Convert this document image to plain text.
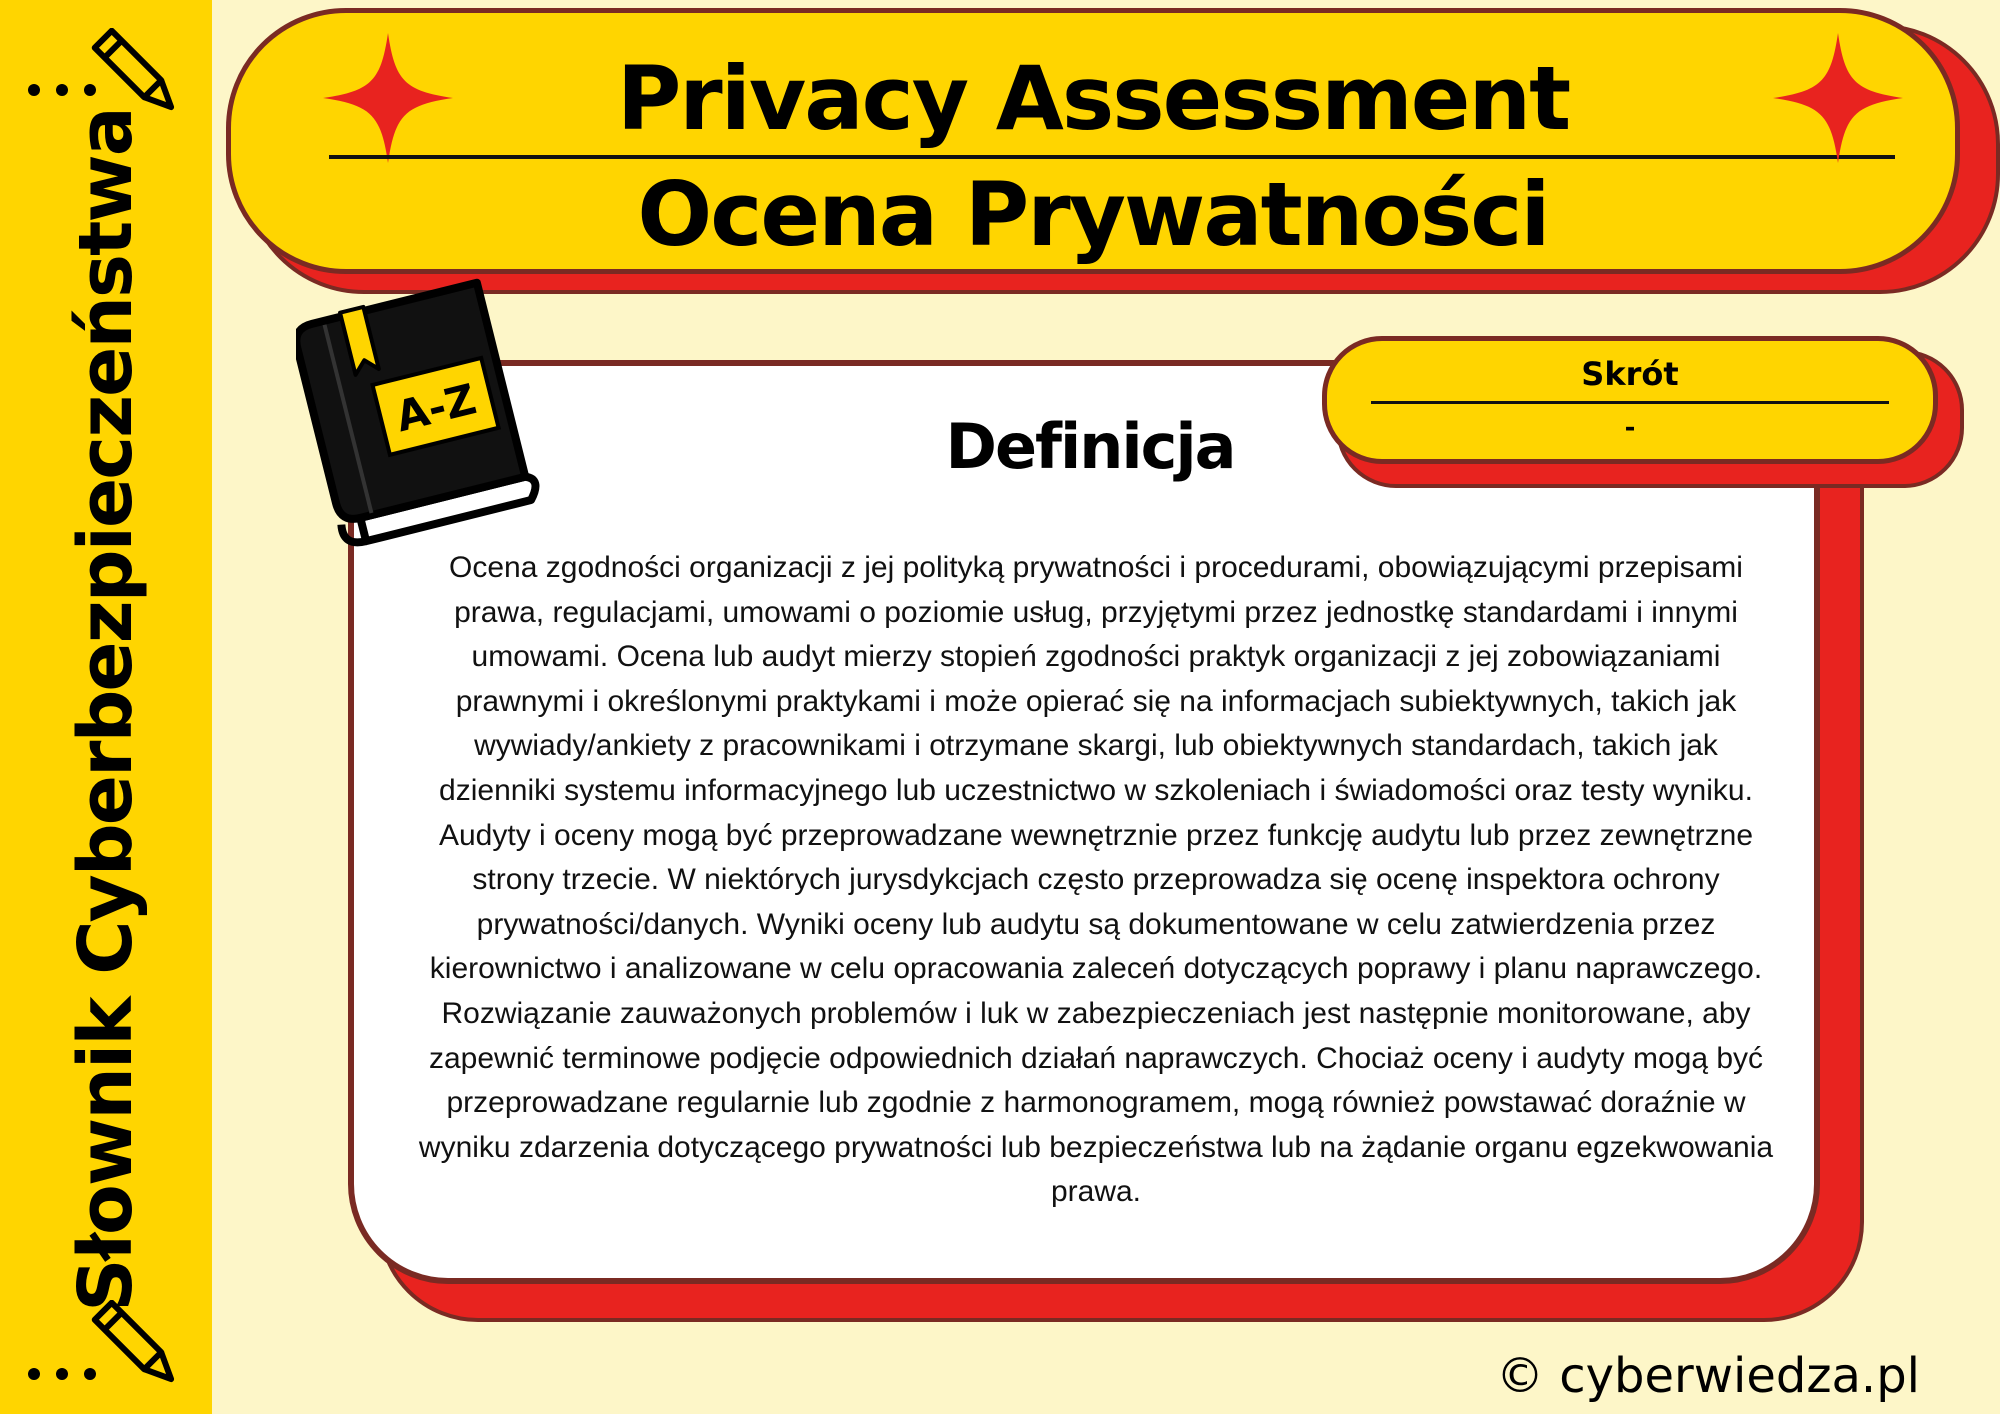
Słownik Cyberbezpieczeństwa
Privacy Assessment
Ocena Prywatności
Definicja
Ocena zgodności organizacji z jej polityką prywatności i procedurami, obowiązującymi przepisami prawa, regulacjami, umowami o poziomie usług, przyjętymi przez jednostkę standardami i innymi umowami. Ocena lub audyt mierzy stopień zgodności praktyk organizacji z jej zobowiązaniami prawnymi i określonymi praktykami i może opierać się na informacjach subiektywnych, takich jak wywiady/ankiety z pracownikami i otrzymane skargi, lub obiektywnych standardach, takich jak dzienniki systemu informacyjnego lub uczestnictwo w szkoleniach i świadomości oraz testy wyniku. Audyty i oceny mogą być przeprowadzane wewnętrznie przez funkcję audytu lub przez zewnętrzne strony trzecie. W niektórych jurysdykcjach często przeprowadza się ocenę inspektora ochrony prywatności/danych. Wyniki oceny lub audytu są dokumentowane w celu zatwierdzenia przez kierownictwo i analizowane w celu opracowania zaleceń dotyczących poprawy i planu naprawczego. Rozwiązanie zauważonych problemów i luk w zabezpieczeniach jest następnie monitorowane, aby zapewnić terminowe podjęcie odpowiednich działań naprawczych. Chociaż oceny i audyty mogą być przeprowadzane regularnie lub zgodnie z harmonogramem, mogą również powstawać doraźnie w wyniku zdarzenia dotyczącego prywatności lub bezpieczeństwa lub na żądanie organu egzekwowania prawa.
Skrót
-
A-Z
© cyberwiedza.pl
